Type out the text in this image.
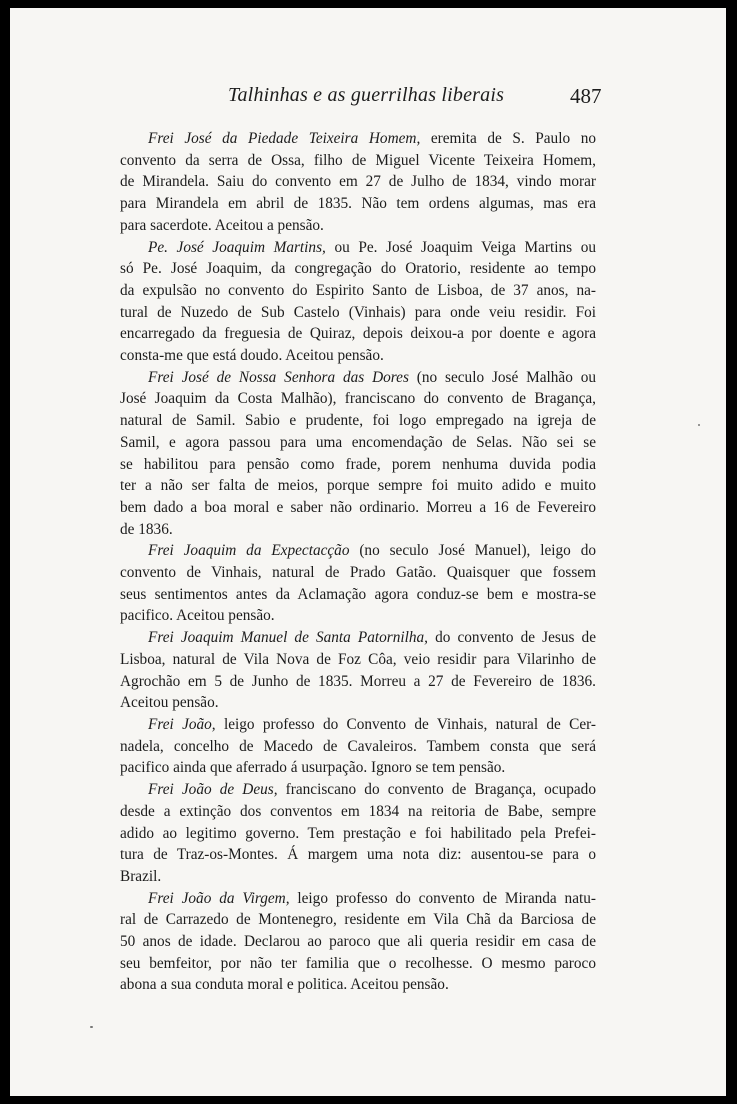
Talhinhas e as guerrilhas liberais	487
Frei José da Piedade Teixeira Homem, eremita de S. Paulo no
convento da serra de Ossa, filho de Miguel Vicente Teixeira Homem,
de Mirandela. Saiu do convento em 27 de Julho de 1834, vindo morar
para Mirandela em abril de 1835. Não tem ordens algumas, mas era
para sacerdote. Aceitou a pensão.
Pe. José Joaquim Martins, ou Pe. José Joaquim Veiga Martins ou
só Pe. José Joaquim, da congregação do Oratorio, residente ao tempo
da expulsão no convento do Espirito Santo de Lisboa, de 37 anos, na-
tural de Nuzedo de Sub Castelo (Vinhais) para onde veiu residir. Foi
encarregado da freguesia de Quiraz, depois deixou-a por doente e agora
consta-me que está doudo. Aceitou pensão.
Frei José de Nossa Senhora das Dores (no seculo José Malhão ou
José Joaquim da Costa Malhão), franciscano do convento de Bragança,
natural de Samil. Sabio e prudente, foi logo empregado na igreja de
Samil, e agora passou para uma encomendação de Selas. Não sei se
se habilitou para pensão como frade, porem nenhuma duvida podia
ter a não ser falta de meios, porque sempre foi muito adido e muito
bem dado a boa moral e saber não ordinario. Morreu a 16 de Fevereiro
de 1836.
Frei Joaquim da Expectacção (no seculo José Manuel), leigo do
convento de Vinhais, natural de Prado Gatão. Quaisquer que fossem
seus sentimentos antes da Aclamação agora conduz-se bem e mostra-se
pacifico. Aceitou pensão.
Frei Joaquim Manuel de Santa Patornilha, do convento de Jesus de
Lisboa, natural de Vila Nova de Foz Côa, veio residir para Vilarinho de
Agrochão em 5 de Junho de 1835. Morreu a 27 de Fevereiro de 1836.
Aceitou pensão.
Frei João, leigo professo do Convento de Vinhais, natural de Cer-
nadela, concelho de Macedo de Cavaleiros. Tambem consta que será
pacifico ainda que aferrado á usurpação. Ignoro se tem pensão.
Frei João de Deus, franciscano do convento de Bragança, ocupado
desde a extinção dos conventos em 1834 na reitoria de Babe, sempre
adido ao legitimo governo. Tem prestação e foi habilitado pela Prefei-
tura de Traz-os-Montes. Á margem uma nota diz: ausentou-se para o
Brazil.
Frei João da Virgem, leigo professo do convento de Miranda natu-
ral de Carrazedo de Montenegro, residente em Vila Chã da Barciosa de
50 anos de idade. Declarou ao paroco que ali queria residir em casa de
seu bemfeitor, por não ter familia que o recolhesse. O mesmo paroco
abona a sua conduta moral e politica. Aceitou pensão.
